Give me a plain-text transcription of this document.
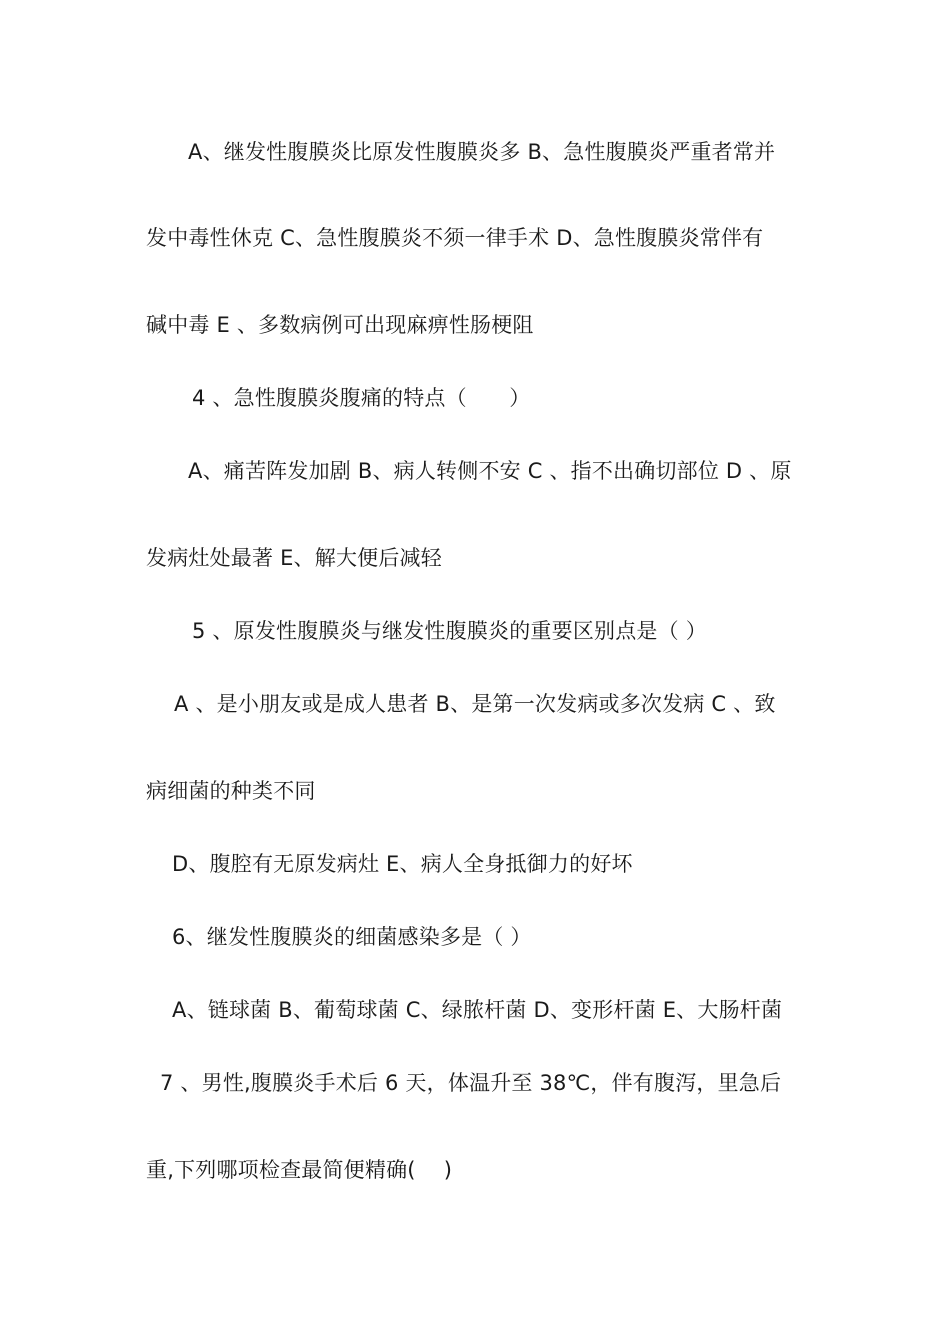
A、继发性腹膜炎比原发性腹膜炎多 B、急性腹膜炎严重者常并
发中毒性休克 C、急性腹膜炎不须一律手术 D、急性腹膜炎常伴有
碱中毒 E 、多数病例可出现麻痹性肠梗阻
4 、急性腹膜炎腹痛的特点（　　）
A、痛苦阵发加剧 B、病人转侧不安 C 、指不出确切部位 D 、原
发病灶处最著 E、解大便后减轻
5 、原发性腹膜炎与继发性腹膜炎的重要区别点是（ ）
A 、是小朋友或是成人患者 B、是第一次发病或多次发病 C 、致
病细菌的种类不同
D、腹腔有无原发病灶 E、病人全身抵御力的好坏
6、继发性腹膜炎的细菌感染多是（ ）
A、链球菌 B、葡萄球菌 C、绿脓杆菌 D、变形杆菌 E、大肠杆菌
7 、男性,腹膜炎手术后 6 天，体温升至 38℃，伴有腹泻，里急后
重,下列哪项检查最简便精确(　 )
